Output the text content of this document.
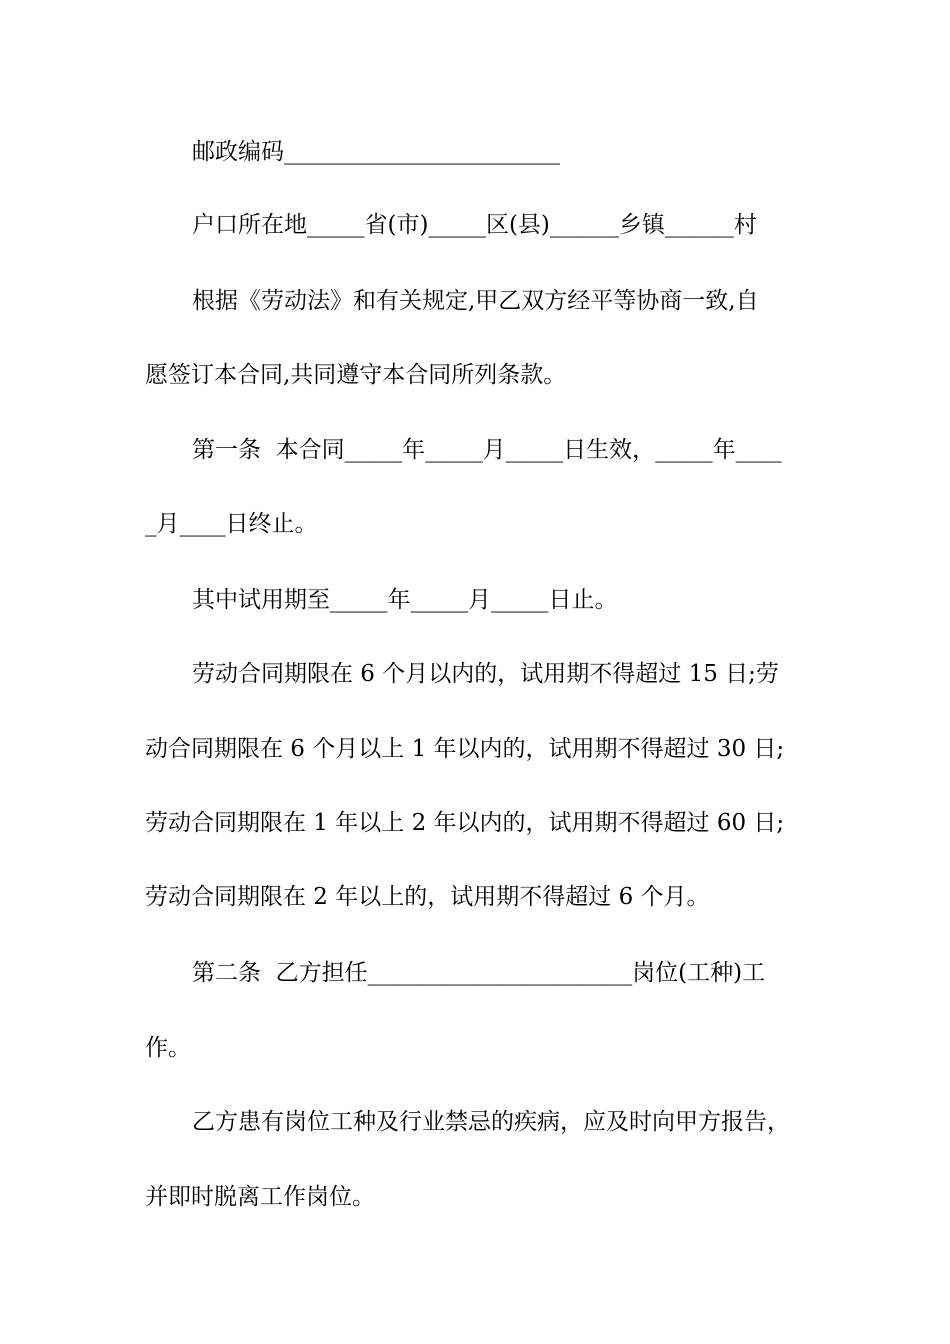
邮政编码________________________
户口所在地_____省(市)_____区(县)______乡镇______村
根据《劳动法》和有关规定,甲乙双方经平等协商一致,自
愿签订本合同,共同遵守本合同所列条款。
第一条  本合同_____年_____月_____日生效，_____年____
_月____日终止。
其中试用期至_____年_____月_____日止。
劳动合同期限在 6 个月以内的，试用期不得超过 15 日;劳
动合同期限在 6 个月以上 1 年以内的，试用期不得超过 30 日;
劳动合同期限在 1 年以上 2 年以内的，试用期不得超过 60 日;
劳动合同期限在 2 年以上的，试用期不得超过 6 个月。
第二条  乙方担任_______________________岗位(工种)工
作。
乙方患有岗位工种及行业禁忌的疾病，应及时向甲方报告，
并即时脱离工作岗位。
